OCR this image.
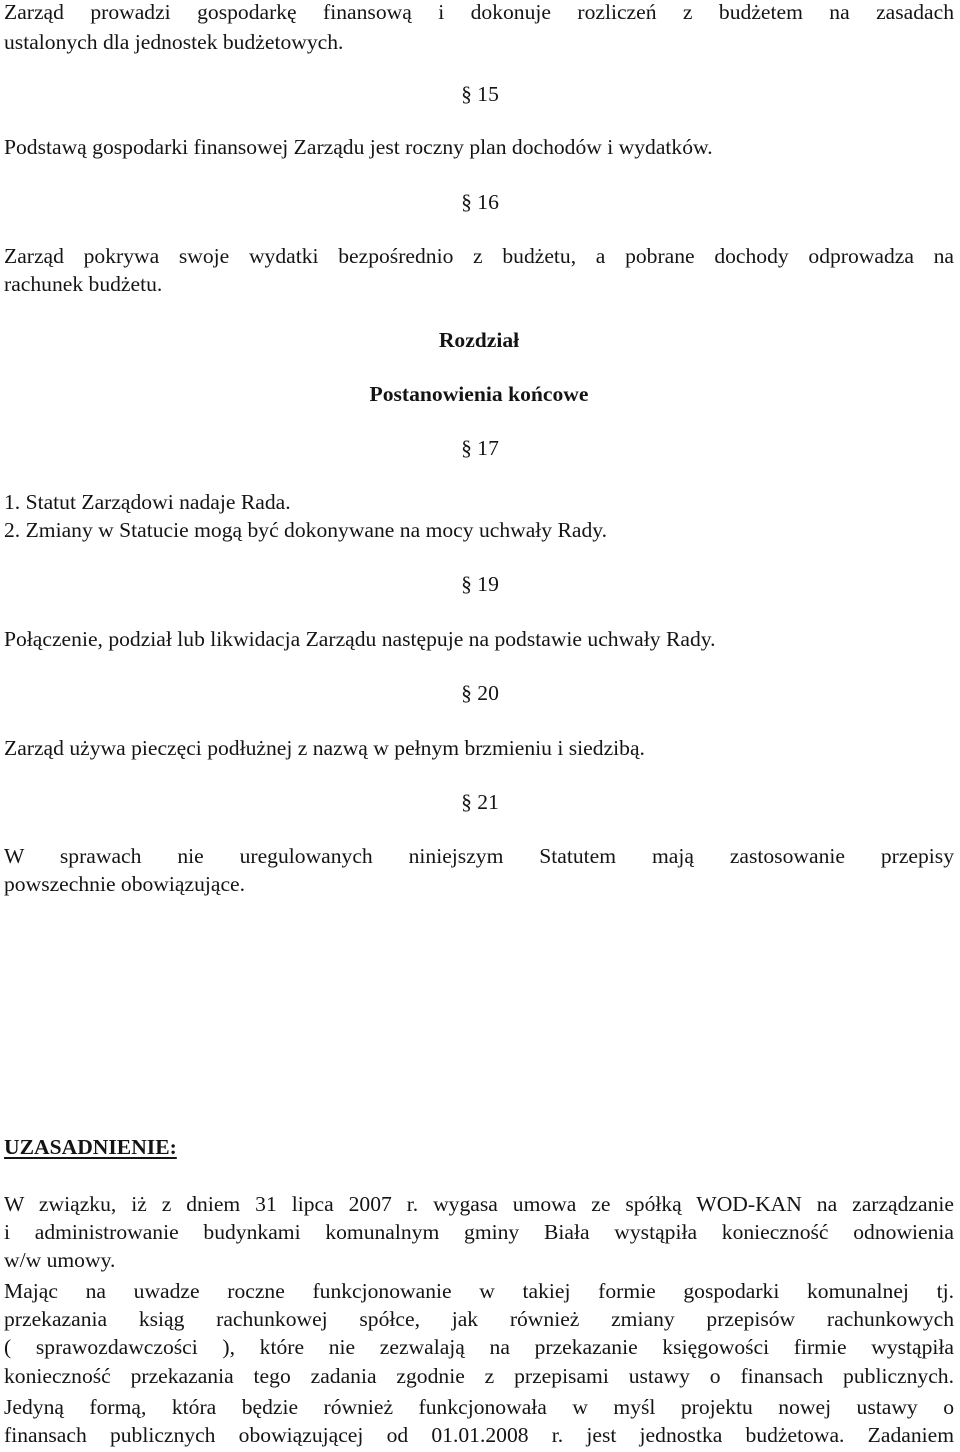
Zarząd prowadzi gospodarkę finansową i dokonuje rozliczeń z budżetem na zasadach
ustalonych dla jednostek budżetowych.
§ 15
Podstawą gospodarki finansowej Zarządu jest roczny plan dochodów i wydatków.
§ 16
Zarząd pokrywa swoje wydatki bezpośrednio z budżetu, a pobrane dochody odprowadza na
rachunek budżetu.
Rozdział
Postanowienia końcowe
§ 17
1. Statut Zarządowi nadaje Rada.
2. Zmiany w Statucie mogą być dokonywane na mocy uchwały Rady.
§ 19
Połączenie, podział lub likwidacja Zarządu następuje na podstawie uchwały Rady.
§ 20
Zarząd używa pieczęci podłużnej z nazwą w pełnym brzmieniu i siedzibą.
§ 21
W sprawach nie uregulowanych niniejszym Statutem mają zastosowanie przepisy
powszechnie obowiązujące.
UZASADNIENIE:
W związku, iż z dniem 31 lipca 2007 r. wygasa umowa ze spółką WOD-KAN na zarządzanie
i administrowanie budynkami komunalnym gminy Biała wystąpiła konieczność odnowienia
w/w umowy.
Mając na uwadze roczne funkcjonowanie w takiej formie gospodarki komunalnej tj.
przekazania ksiąg rachunkowej spółce, jak również zmiany przepisów rachunkowych
( sprawozdawczości ), które nie zezwalają na przekazanie księgowości firmie wystąpiła
konieczność przekazania tego zadania zgodnie z przepisami ustawy o finansach publicznych.
Jedyną formą, która będzie również funkcjonowała w myśl projektu nowej ustawy o
finansach publicznych obowiązującej od 01.01.2008 r. jest jednostka budżetowa. Zadaniem
